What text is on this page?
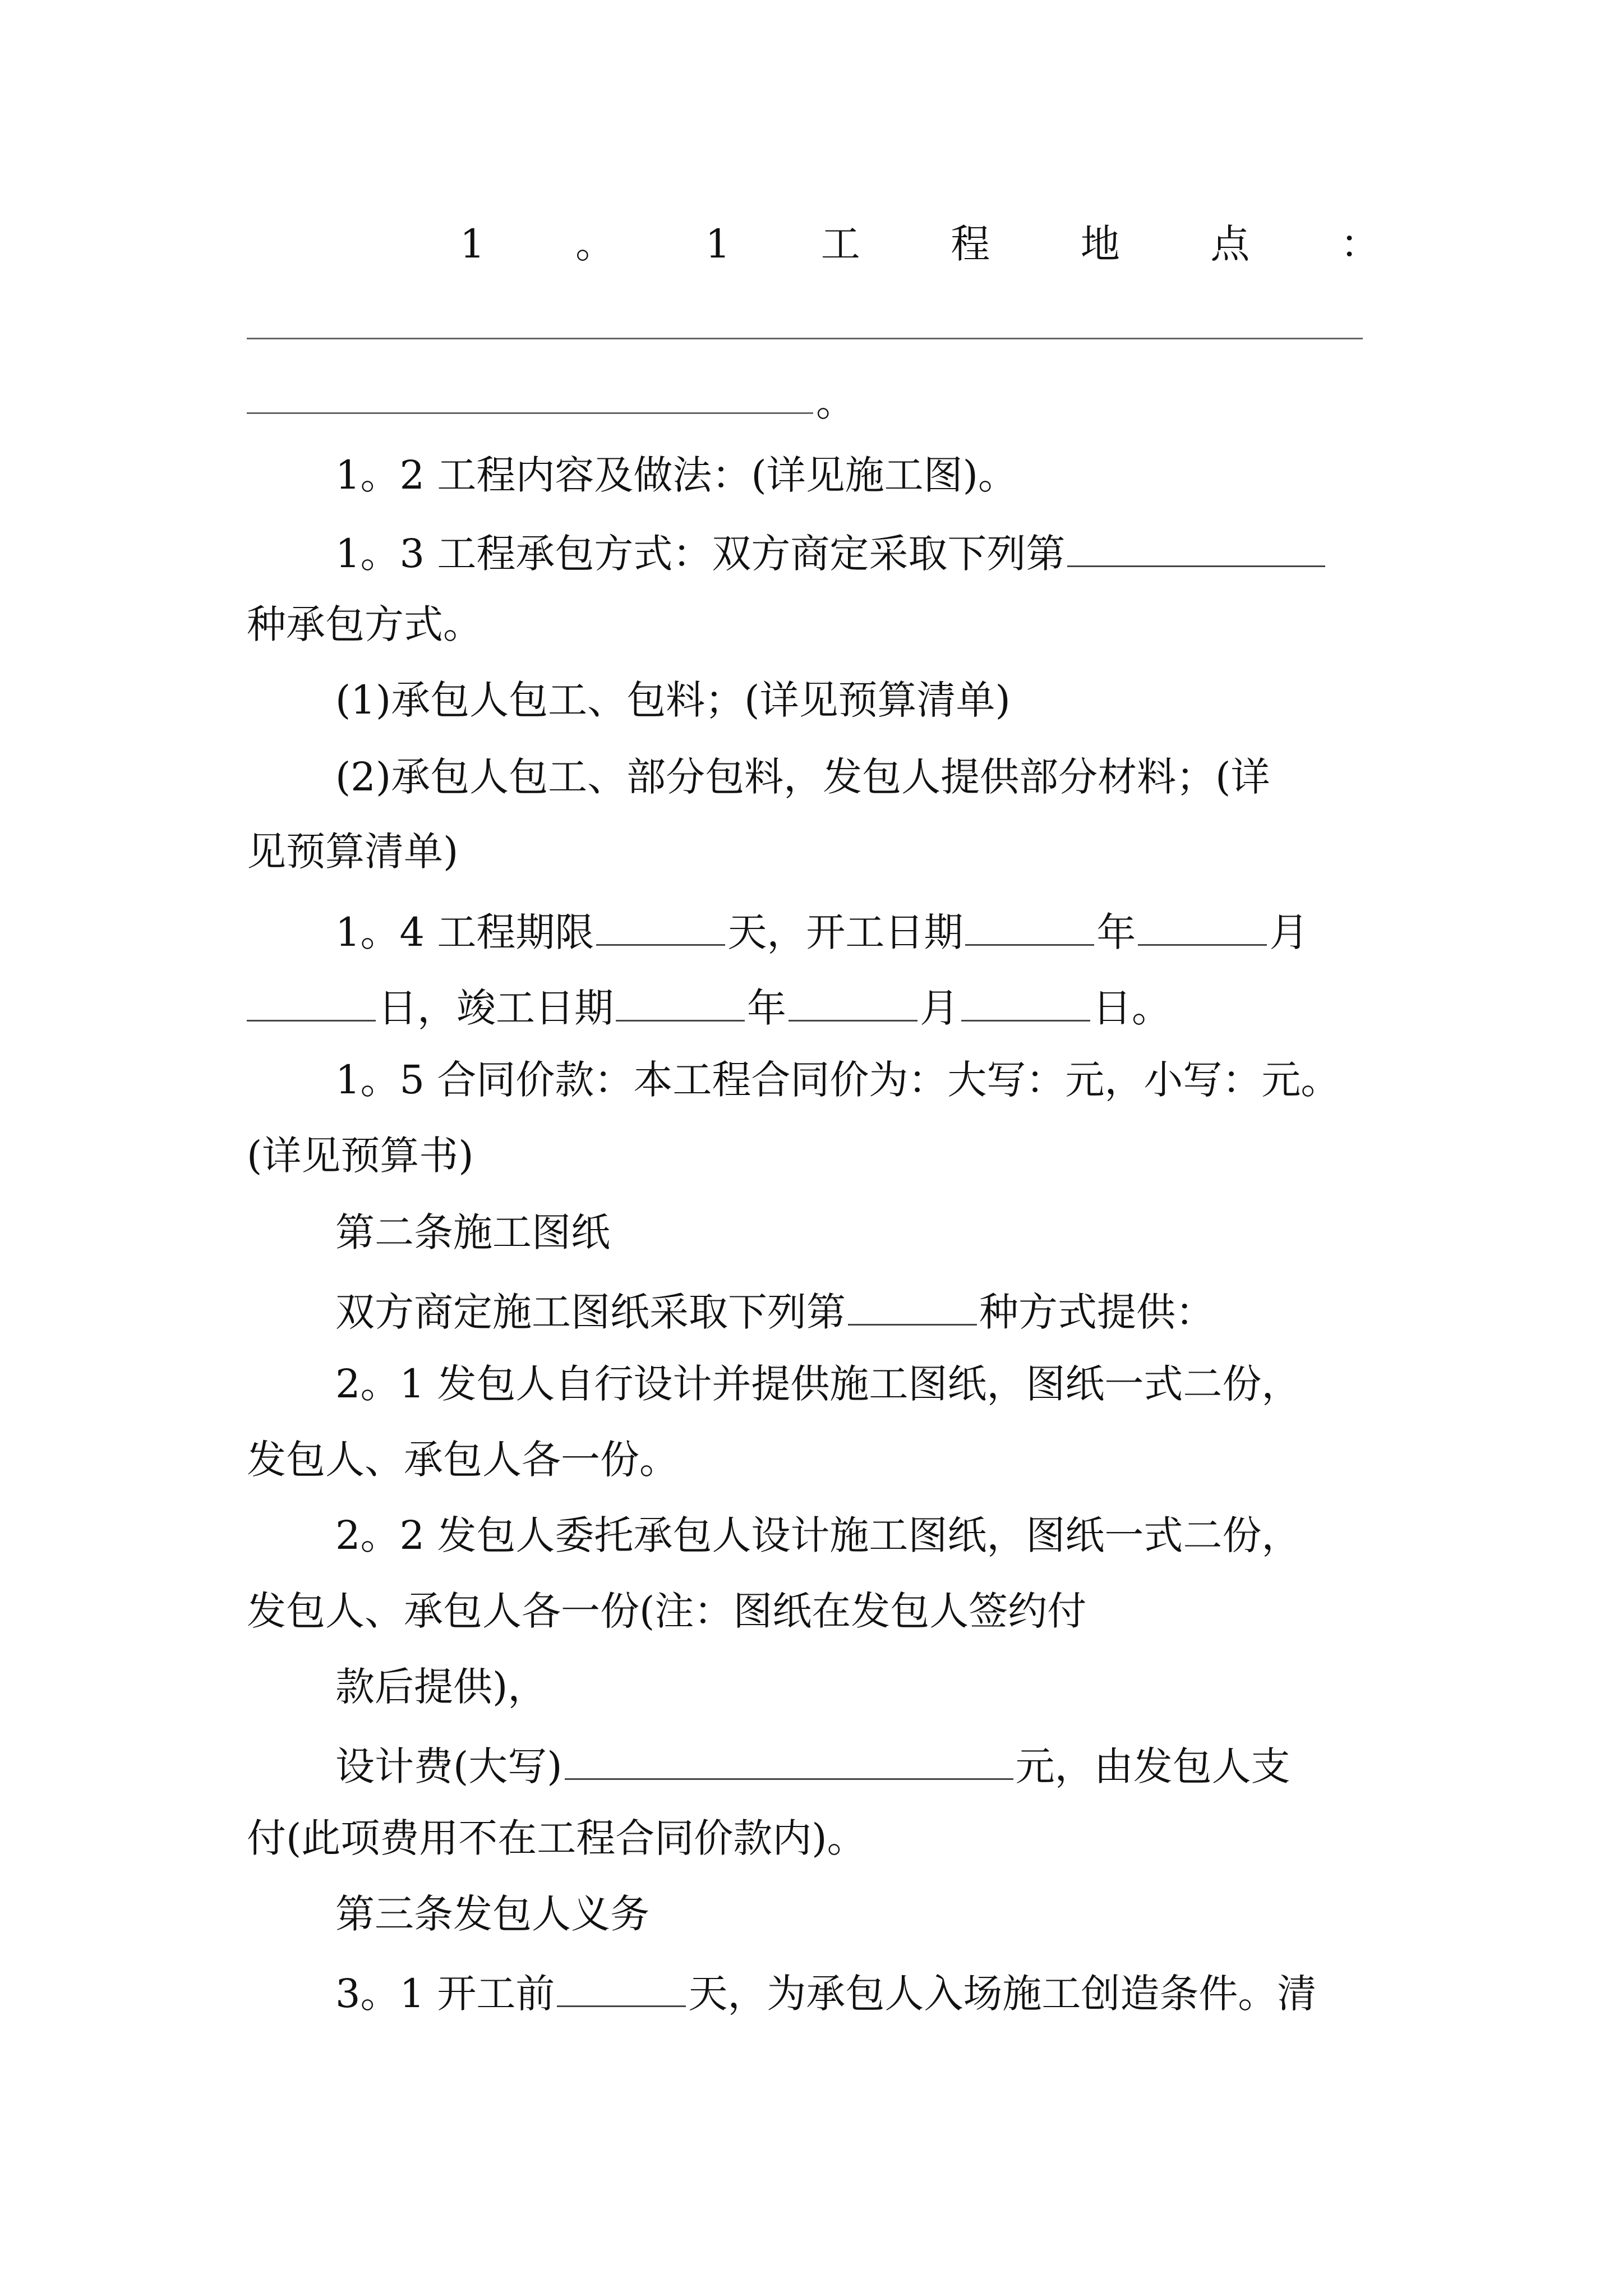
1 。 1 工 程 地 点 ：
。
1。2 工程内容及做法：(详见施工图)。
1。3 工程承包方式：双方商定采取下列第
种承包方式。
(1)承包人包工、包料；(详见预算清单)
(2)承包人包工、部分包料，发包人提供部分材料；(详
见预算清单)
1。4 工程期限	天，开工日期	年	月
日，竣工日期	年	月	日。
1。5 合同价款：本工程合同价为：大写：元，小写：元。
(详见预算书)
第二条施工图纸
双方商定施工图纸采取下列第	种方式提供：
2。1 发包人自行设计并提供施工图纸，图纸一式二份，
发包人、承包人各一份。
2。2 发包人委托承包人设计施工图纸，图纸一式二份，
发包人、承包人各一份(注：图纸在发包人签约付
款后提供)，
设计费(大写)	元，由发包人支
付(此项费用不在工程合同价款内)。
第三条发包人义务
3。1 开工前	天，为承包人入场施工创造条件。清
